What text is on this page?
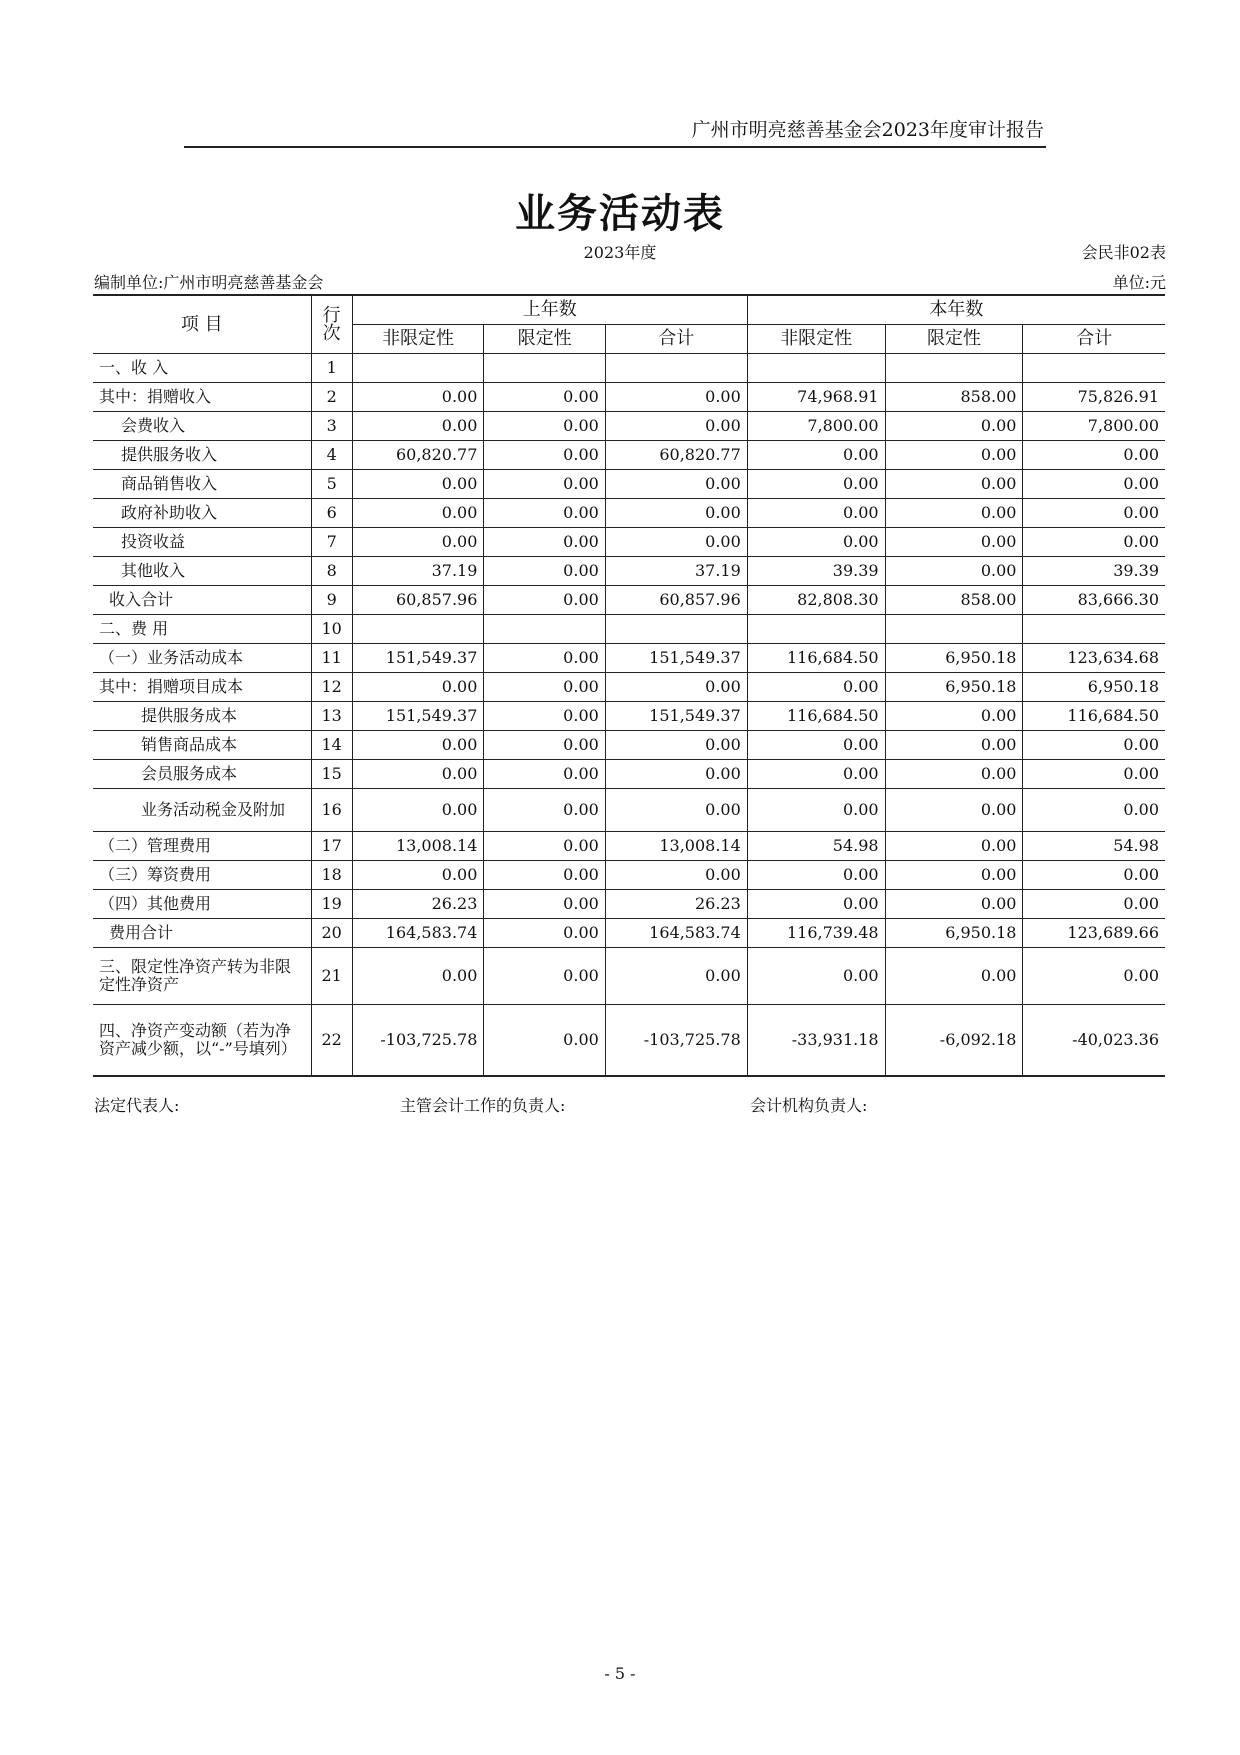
广州市明亮慈善基金会2023年度审计报告
业务活动表
2023年度	会民非02表
编制单位:广州市明亮慈善基金会	单位:元
项 目	行次	上年数			本年数		
		非限定性	限定性	合计	非限定性	限定性	合计
一、收 入	1						
其中：捐赠收入	2	0.00	0.00	0.00	74,968.91	858.00	75,826.91
会费收入	3	0.00	0.00	0.00	7,800.00	0.00	7,800.00
提供服务收入	4	60,820.77	0.00	60,820.77	0.00	0.00	0.00
商品销售收入	5	0.00	0.00	0.00	0.00	0.00	0.00
政府补助收入	6	0.00	0.00	0.00	0.00	0.00	0.00
投资收益	7	0.00	0.00	0.00	0.00	0.00	0.00
其他收入	8	37.19	0.00	37.19	39.39	0.00	39.39
收入合计	9	60,857.96	0.00	60,857.96	82,808.30	858.00	83,666.30
二、费 用	10						
（一）业务活动成本	11	151,549.37	0.00	151,549.37	116,684.50	6,950.18	123,634.68
其中：捐赠项目成本	12	0.00	0.00	0.00	0.00	6,950.18	6,950.18
提供服务成本	13	151,549.37	0.00	151,549.37	116,684.50	0.00	116,684.50
销售商品成本	14	0.00	0.00	0.00	0.00	0.00	0.00
会员服务成本	15	0.00	0.00	0.00	0.00	0.00	0.00
业务活动税金及附加	16	0.00	0.00	0.00	0.00	0.00	0.00
（二）管理费用	17	13,008.14	0.00	13,008.14	54.98	0.00	54.98
（三）筹资费用	18	0.00	0.00	0.00	0.00	0.00	0.00
（四）其他费用	19	26.23	0.00	26.23	0.00	0.00	0.00
费用合计	20	164,583.74	0.00	164,583.74	116,739.48	6,950.18	123,689.66
三、限定性净资产转为非限定性净资产	21	0.00	0.00	0.00	0.00	0.00	0.00
四、净资产变动额（若为净资产减少额，以“-”号填列）	22	-103,725.78	0.00	-103,725.78	-33,931.18	-6,092.18	-40,023.36
法定代表人:	主管会计工作的负责人:	会计机构负责人:
- 5 -
